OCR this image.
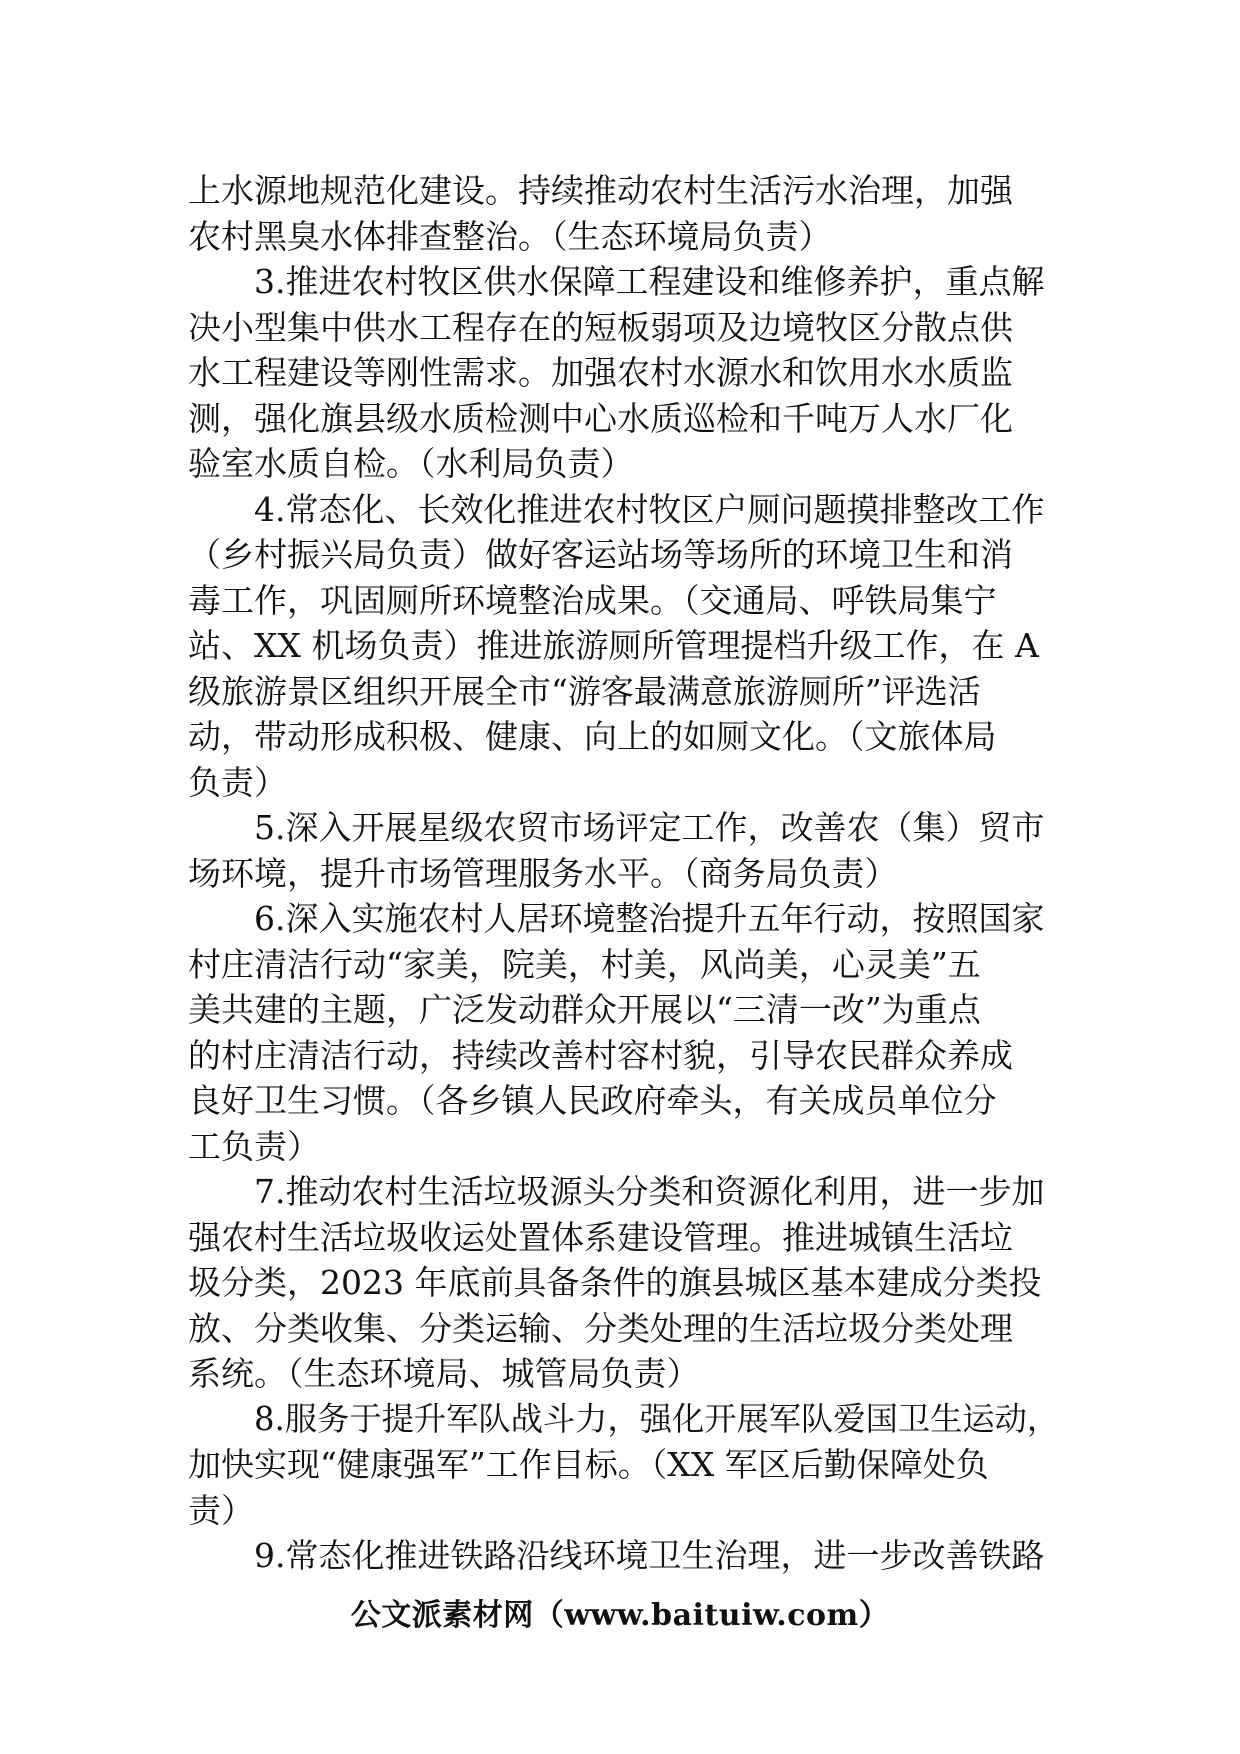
上水源地规范化建设。持续推动农村生活污水治理，加强
农村黑臭水体排查整治。（生态环境局负责）
3.推进农村牧区供水保障工程建设和维修养护，重点解
决小型集中供水工程存在的短板弱项及边境牧区分散点供
水工程建设等刚性需求。加强农村水源水和饮用水水质监
测，强化旗县级水质检测中心水质巡检和千吨万人水厂化
验室水质自检。（水利局负责）
4.常态化、长效化推进农村牧区户厕问题摸排整改工作
（乡村振兴局负责）做好客运站场等场所的环境卫生和消
毒工作，巩固厕所环境整治成果。（交通局、呼铁局集宁
站、XX 机场负责）推进旅游厕所管理提档升级工作，在 A
级旅游景区组织开展全市“游客最满意旅游厕所”评选活
动，带动形成积极、健康、向上的如厕文化。（文旅体局
负责）
5.深入开展星级农贸市场评定工作，改善农（集）贸市
场环境，提升市场管理服务水平。（商务局负责）
6.深入实施农村人居环境整治提升五年行动，按照国家
村庄清洁行动“家美，院美，村美，风尚美，心灵美”五
美共建的主题，广泛发动群众开展以“三清一改”为重点
的村庄清洁行动，持续改善村容村貌，引导农民群众养成
良好卫生习惯。（各乡镇人民政府牵头，有关成员单位分
工负责）
7.推动农村生活垃圾源头分类和资源化利用，进一步加
强农村生活垃圾收运处置体系建设管理。推进城镇生活垃
圾分类，2023 年底前具备条件的旗县城区基本建成分类投
放、分类收集、分类运输、分类处理的生活垃圾分类处理
系统。（生态环境局、城管局负责）
8.服务于提升军队战斗力，强化开展军队爱国卫生运动，
加快实现“健康强军”工作目标。（XX 军区后勤保障处负
责）
9.常态化推进铁路沿线环境卫生治理，进一步改善铁路
公文派素材网（www.baituiw.com）
